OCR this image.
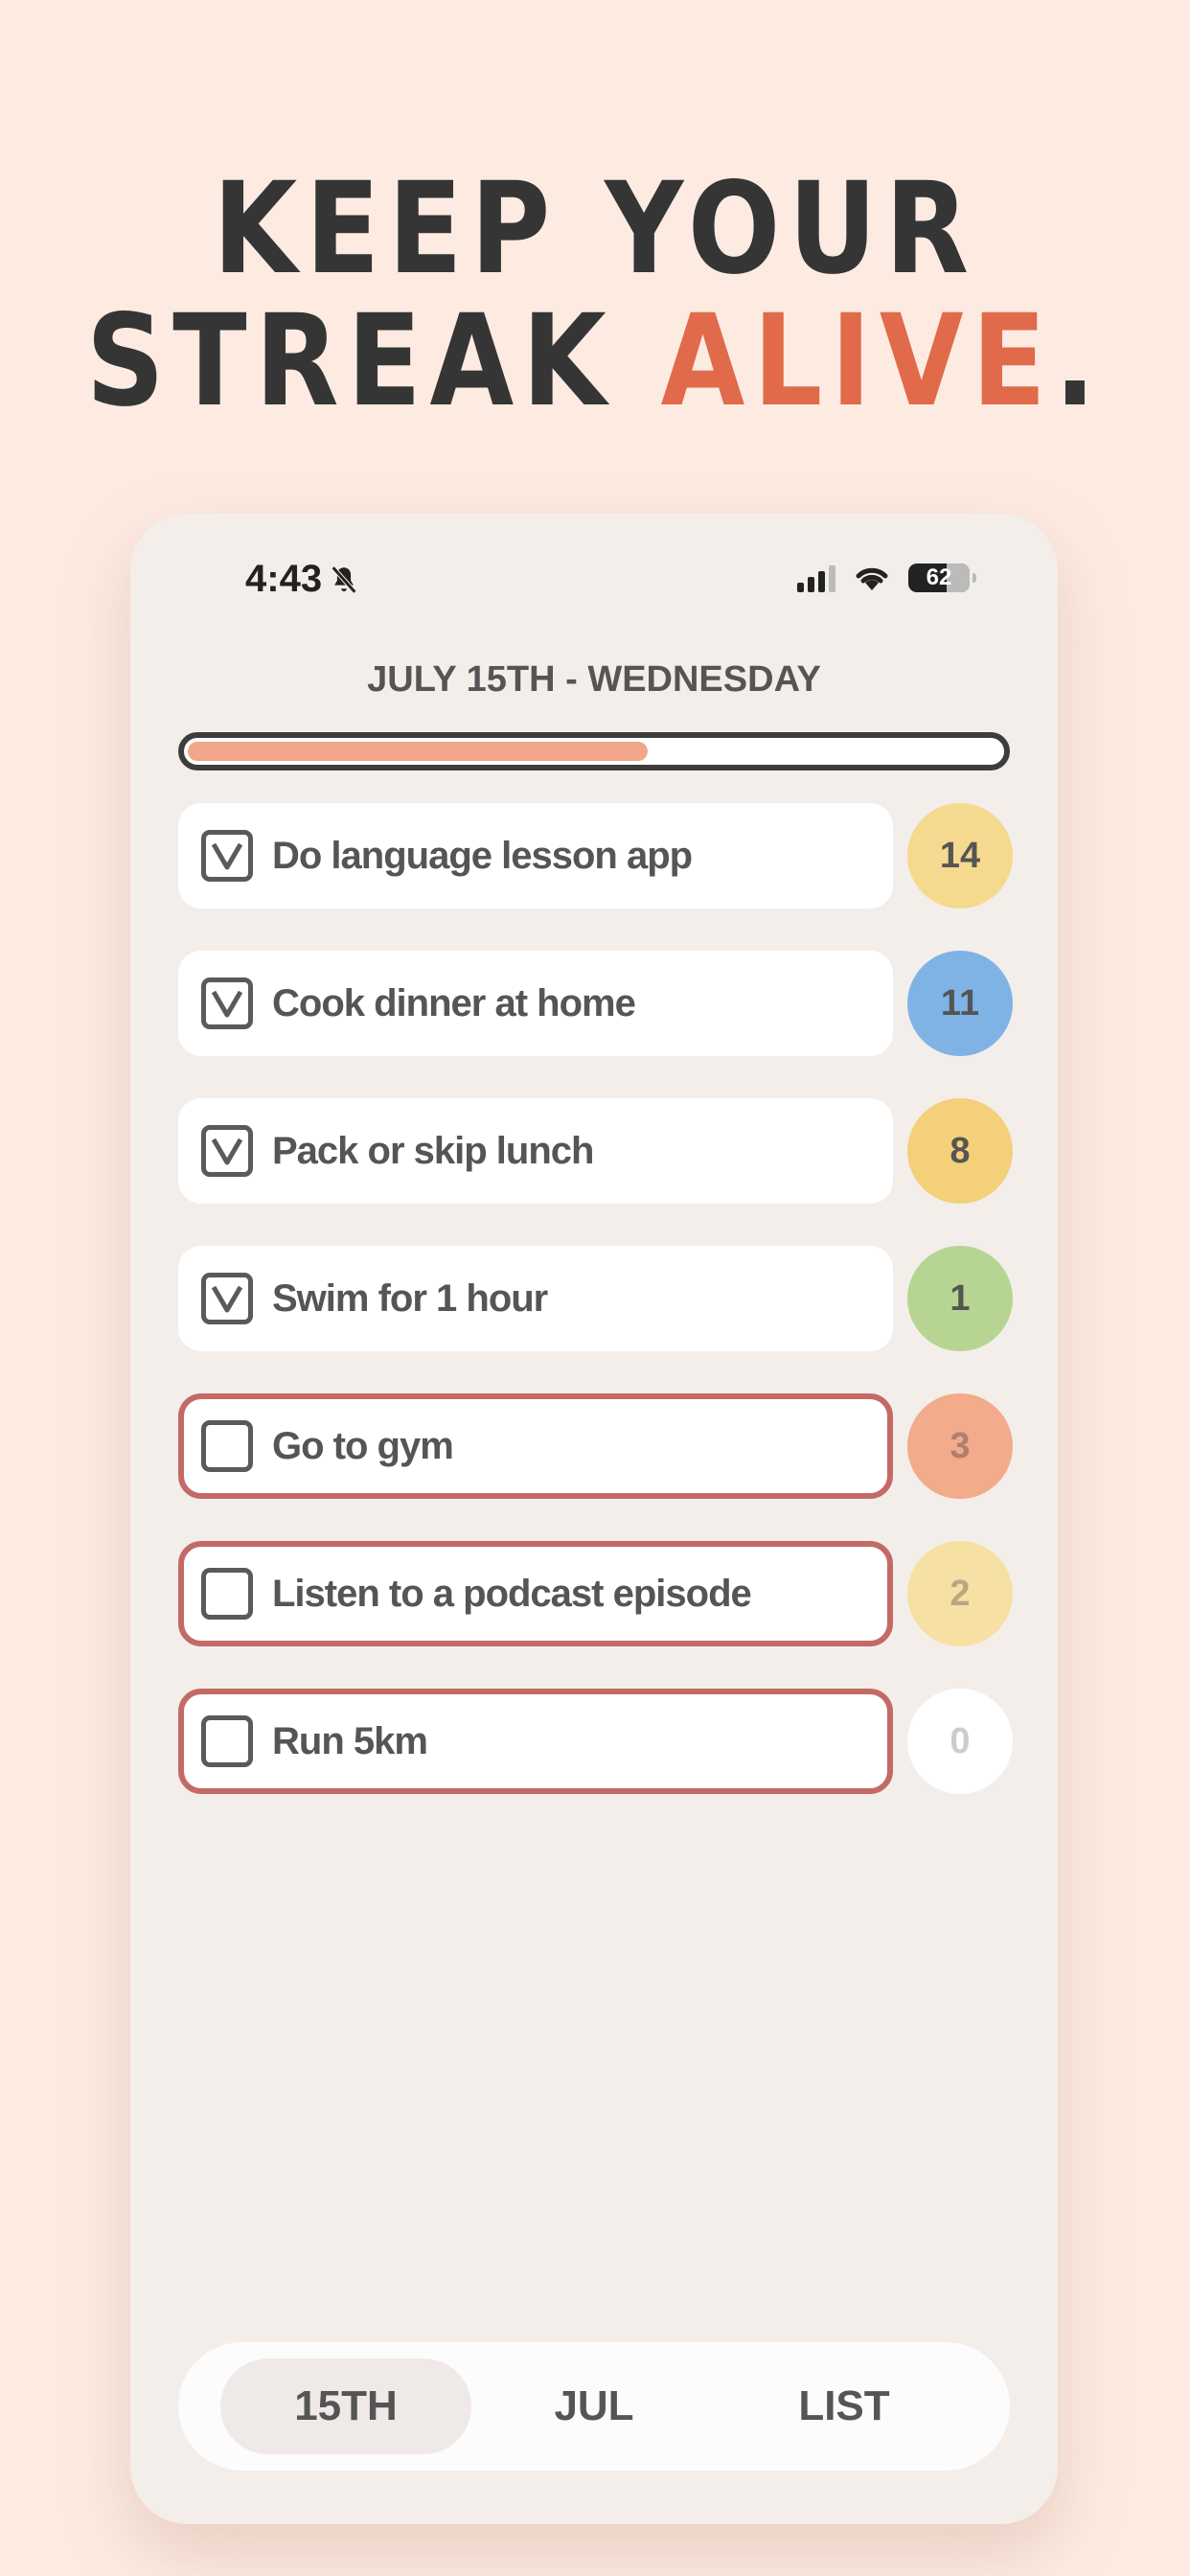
KEEP YOUR
STREAK ALIVE.
4:43	62
JULY 15TH - WEDNESDAY
Do language lesson app	14
Cook dinner at home	11
Pack or skip lunch	8
Swim for 1 hour	1
Go to gym	3
Listen to a podcast episode	2
Run 5km	0
15TH	JUL	LIST
